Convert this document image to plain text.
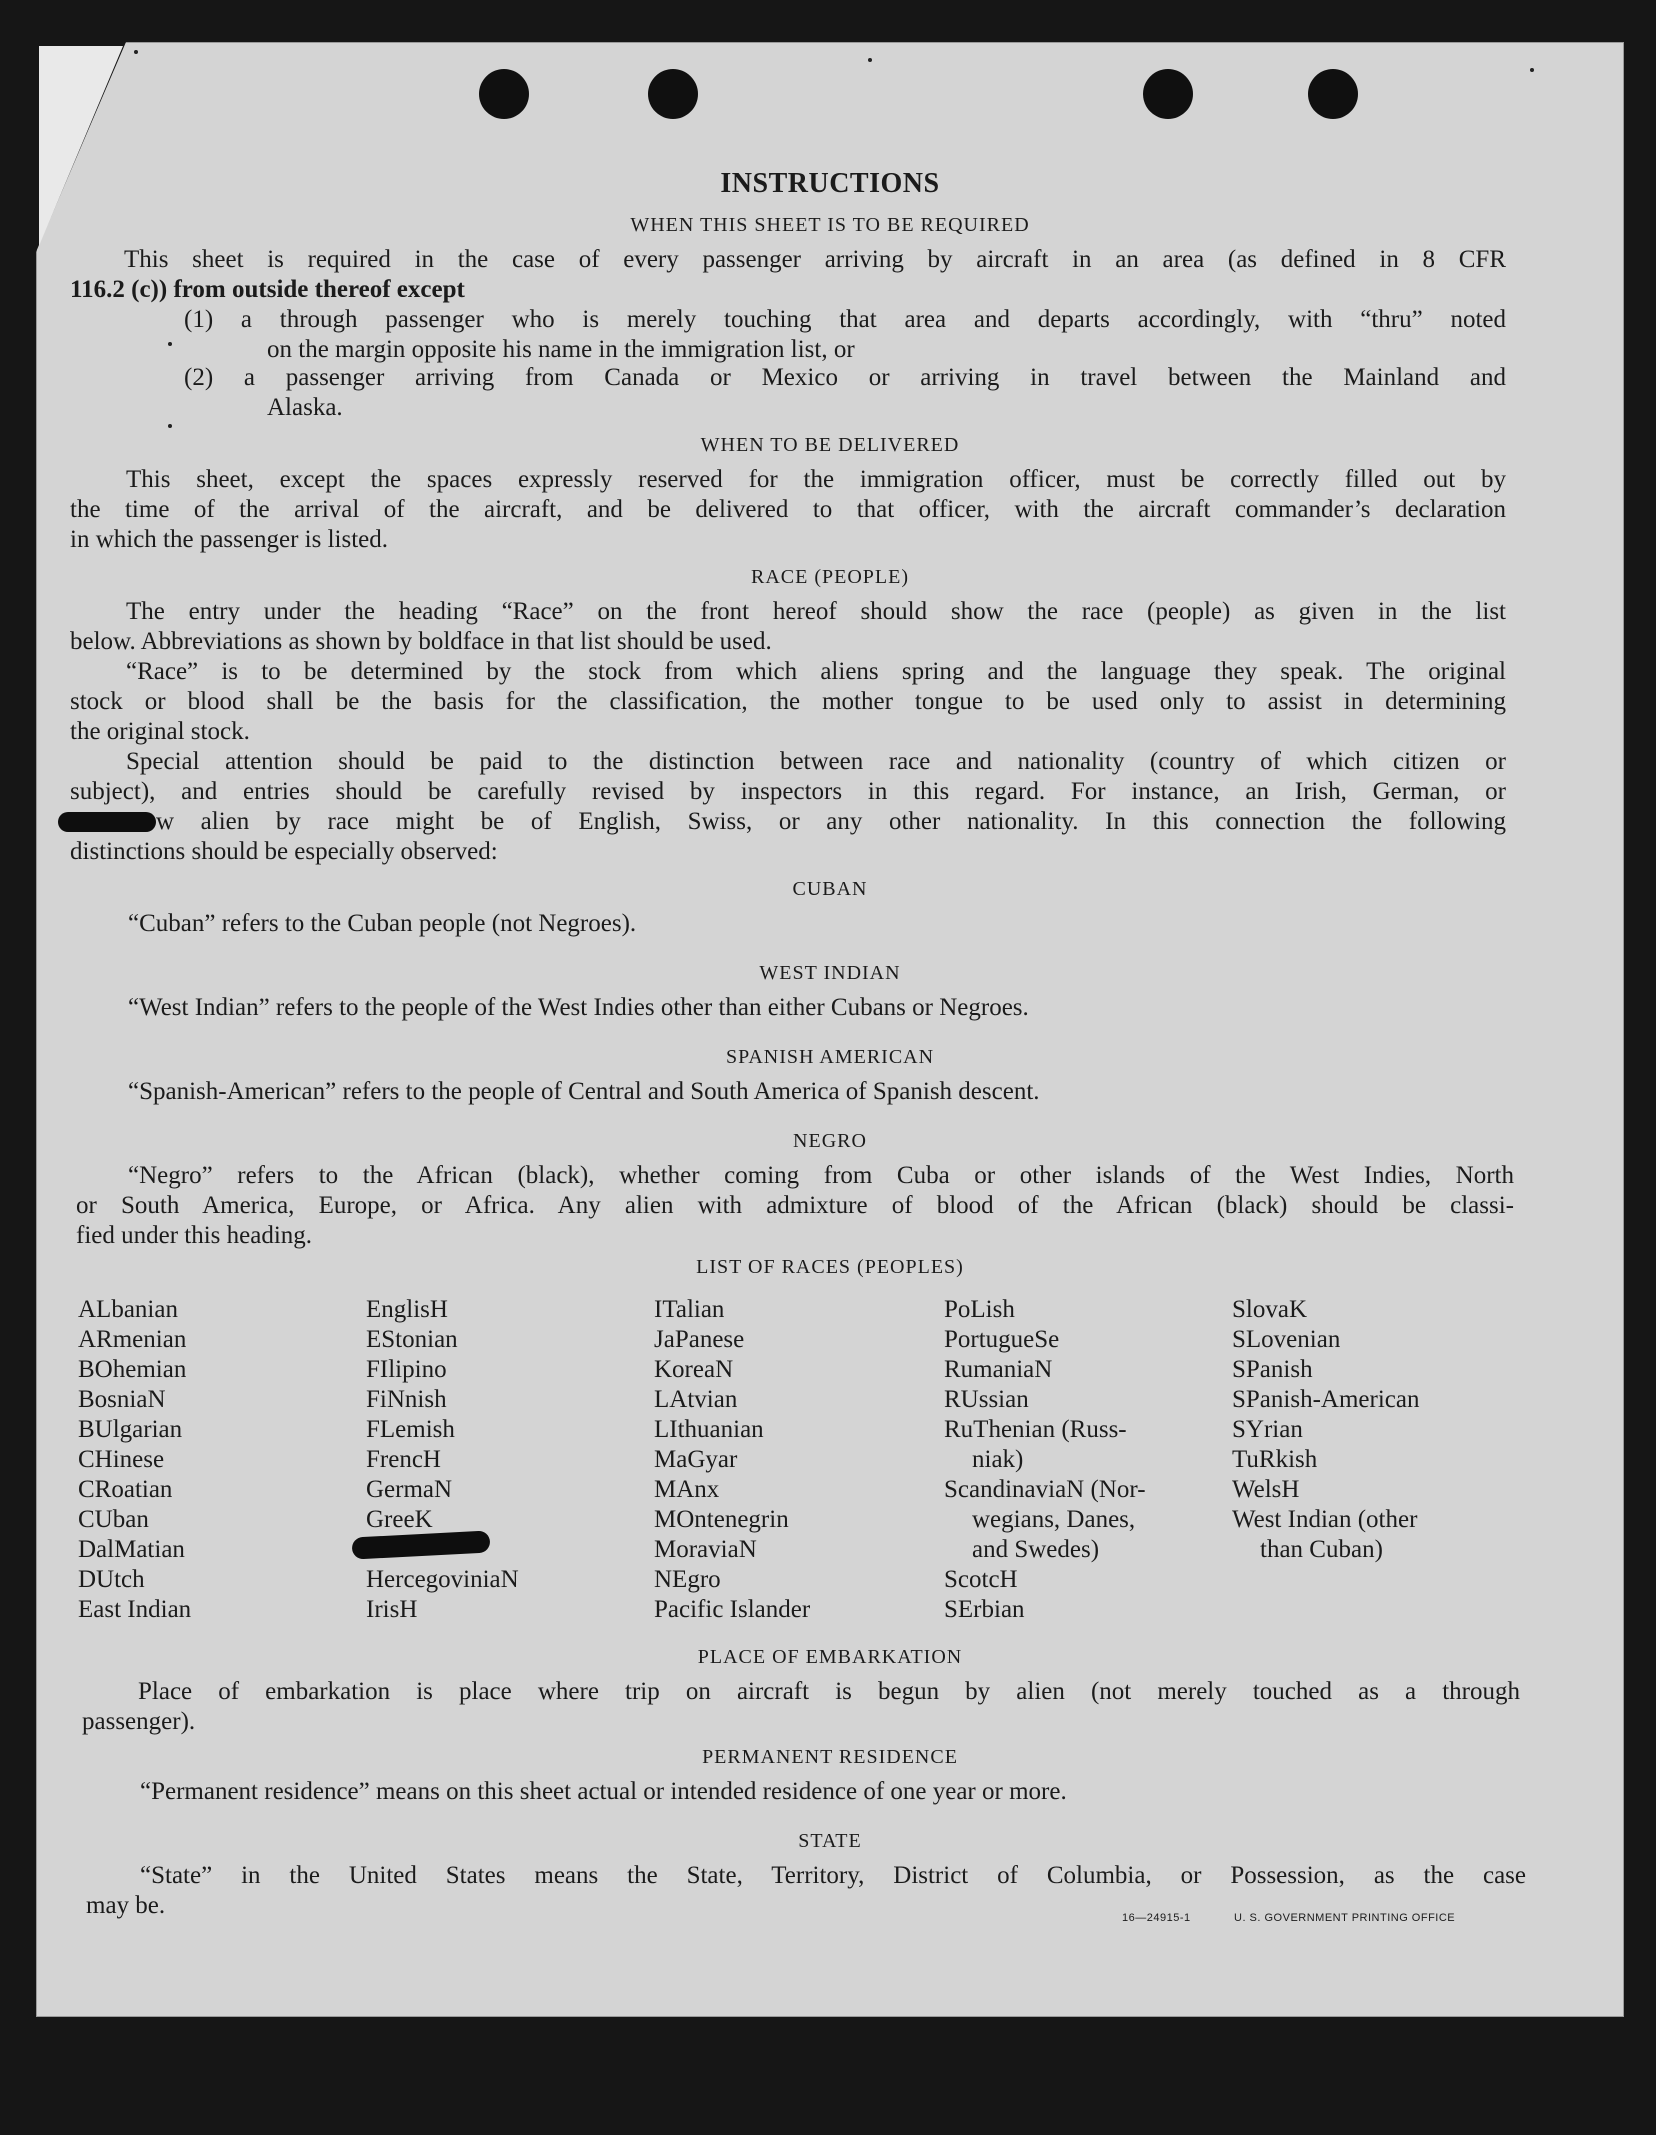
INSTRUCTIONS
WHEN THIS SHEET IS TO BE REQUIRED
This sheet is required in the case of every passenger arriving by aircraft in an area (as defined in 8 CFR
116.2 (c)) from outside thereof except
(1) a through passenger who is merely touching that area and departs accordingly, with “thru” noted
on the margin opposite his name in the immigration list, or
(2) a passenger arriving from Canada or Mexico or arriving in travel between the Mainland and
Alaska.
WHEN TO BE DELIVERED
This sheet, except the spaces expressly reserved for the immigration officer, must be correctly filled out by
the time of the arrival of the aircraft, and be delivered to that officer, with the aircraft commander’s declaration
in which the passenger is listed.
RACE (PEOPLE)
The entry under the heading “Race” on the front hereof should show the race (people) as given in the list
below. Abbreviations as shown by boldface in that list should be used.
“Race” is to be determined by the stock from which aliens spring and the language they speak. The original
stock or blood shall be the basis for the classification, the mother tongue to be used only to assist in determining
the original stock.
Special attention should be paid to the distinction between race and nationality (country of which citizen or
subject), and entries should be carefully revised by inspectors in this regard. For instance, an Irish, German, or
w alien by race might be of English, Swiss, or any other nationality. In this connection the following
distinctions should be especially observed:
CUBAN
“Cuban” refers to the Cuban people (not Negroes).
WEST INDIAN
“West Indian” refers to the people of the West Indies other than either Cubans or Negroes.
SPANISH AMERICAN
“Spanish-American” refers to the people of Central and South America of Spanish descent.
NEGRO
“Negro” refers to the African (black), whether coming from Cuba or other islands of the West Indies, North
or South America, Europe, or Africa. Any alien with admixture of blood of the African (black) should be classi-
fied under this heading.
LIST OF RACES (PEOPLES)
ALbanian
ARmenian
BOhemian
BosniaN
BUlgarian
CHinese
CRoatian
CUban
DalMatian
DUtch
East Indian
EnglisH
EStonian
FIlipino
FiNnish
FLemish
FrencH
GermaN
GreeK
HercegoviniaN
IrisH
ITalian
JaPanese
KoreaN
LAtvian
LIthuanian
MaGyar
MAnx
MOntenegrin
MoraviaN
NEgro
Pacific Islander
PoLish
PortugueSe
RumaniaN
RUssian
RuThenian (Russ-
niak)
ScandinaviaN (Nor-
wegians, Danes,
and Swedes)
ScotcH
SErbian
SlovaK
SLovenian
SPanish
SPanish-American
SYrian
TuRkish
WelsH
West Indian (other
than Cuban)
PLACE OF EMBARKATION
Place of embarkation is place where trip on aircraft is begun by alien (not merely touched as a through
passenger).
PERMANENT RESIDENCE
“Permanent residence” means on this sheet actual or intended residence of one year or more.
STATE
“State” in the United States means the State, Territory, District of Columbia, or Possession, as the case
may be.	16—24915-1	U. S. GOVERNMENT PRINTING OFFICE
